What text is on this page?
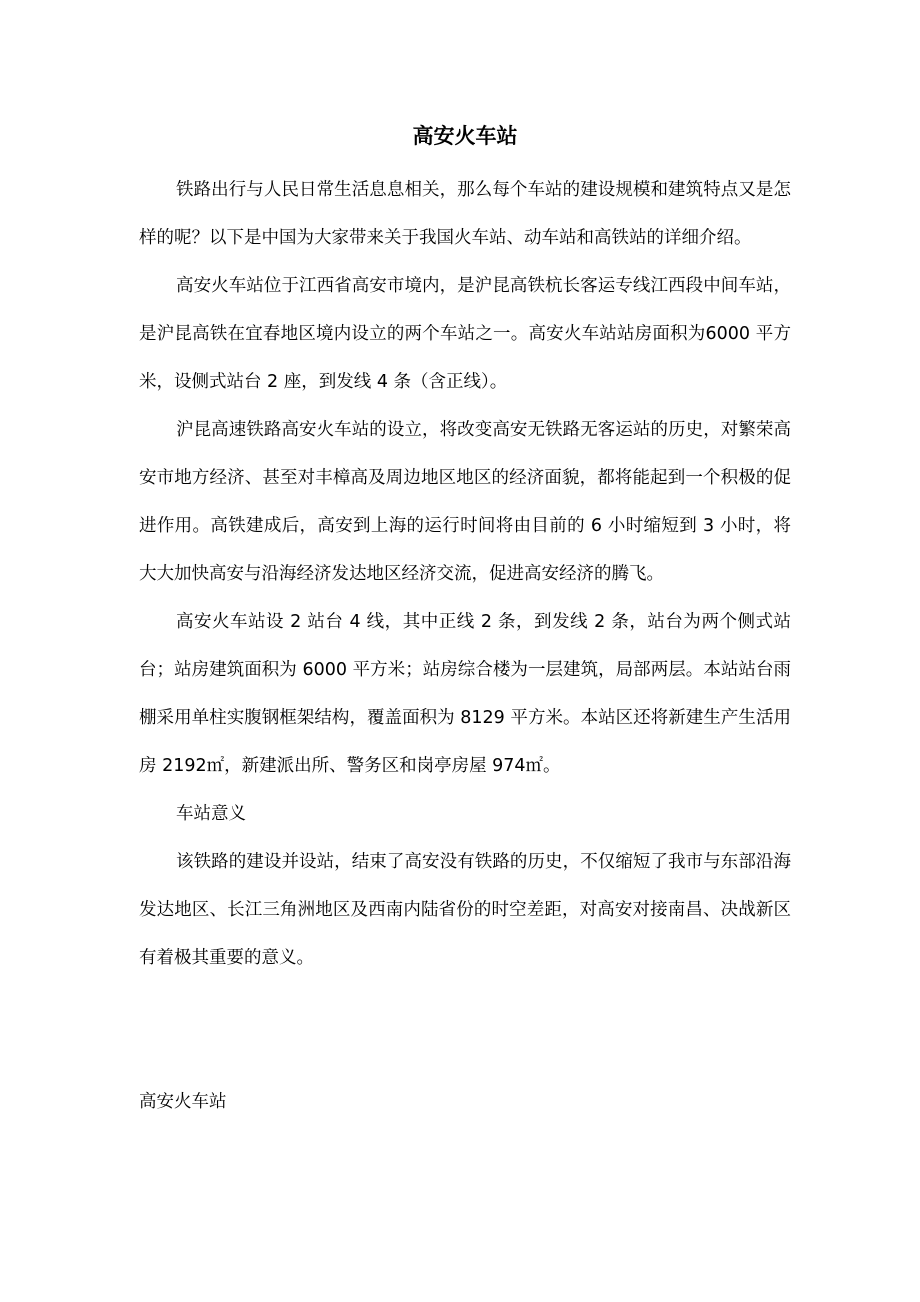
高安火车站

铁路出行与人民日常生活息息相关，那么每个车站的建设规模和建筑特点又是怎样的呢？以下是中国为大家带来关于我国火车站、动车站和高铁站的详细介绍。

高安火车站位于江西省高安市境内，是沪昆高铁杭长客运专线江西段中间车站，是沪昆高铁在宜春地区境内设立的两个车站之一。高安火车站站房面积为6000 平方米，设侧式站台 2 座，到发线 4 条（含正线）。

沪昆高速铁路高安火车站的设立，将改变高安无铁路无客运站的历史，对繁荣高安市地方经济、甚至对丰樟高及周边地区地区的经济面貌，都将能起到一个积极的促进作用。高铁建成后，高安到上海的运行时间将由目前的 6 小时缩短到 3 小时，将大大加快高安与沿海经济发达地区经济交流，促进高安经济的腾飞。

高安火车站设 2 站台 4 线，其中正线 2 条，到发线 2 条，站台为两个侧式站台；站房建筑面积为 6000 平方米；站房综合楼为一层建筑，局部两层。本站站台雨棚采用单柱实腹钢框架结构，覆盖面积为 8129 平方米。本站区还将新建生产生活用房 2192㎡，新建派出所、警务区和岗亭房屋 974㎡。

车站意义

该铁路的建设并设站，结束了高安没有铁路的历史，不仅缩短了我市与东部沿海发达地区、长江三角洲地区及西南内陆省份的时空差距，对高安对接南昌、决战新区有着极其重要的意义。

高安火车站
